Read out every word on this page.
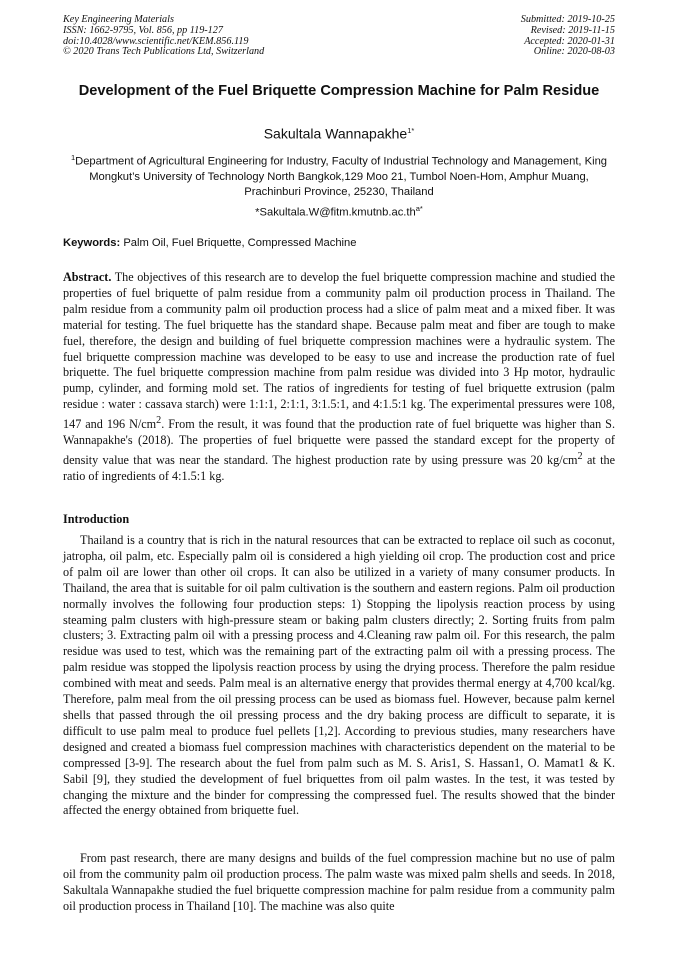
Key Engineering Materials
ISSN: 1662-9795, Vol. 856, pp 119-127
doi:10.4028/www.scientific.net/KEM.856.119
© 2020 Trans Tech Publications Ltd, Switzerland
Submitted: 2019-10-25
Revised: 2019-11-15
Accepted: 2020-01-31
Online: 2020-08-03
Development of the Fuel Briquette Compression Machine for Palm Residue
Sakultala Wannapakhe$^{1*}$
$^1$Department of Agricultural Engineering for Industry, Faculty of Industrial Technology and Management, King Mongkut’s University of Technology North Bangkok,129 Moo 21, Tumbol Noen-Hom, Amphur Muang, Prachinburi Province, 25230, Thailand
$*Sakultala.W@fitm.kmutnb.ac.th^{a*}$
Keywords: Palm Oil, Fuel Briquette, Compressed Machine
Abstract. The objectives of this research are to develop the fuel briquette compression machine and studied the properties of fuel briquette of palm residue from a community palm oil production process in Thailand. The palm residue from a community palm oil production process had a slice of palm meat and a mixed fiber. It was material for testing. The fuel briquette has the standard shape. Because palm meat and fiber are tough to make fuel, therefore, the design and building of fuel briquette compression machines were a hydraulic system. The fuel briquette compression machine was developed to be easy to use and increase the production rate of fuel briquette. The fuel briquette compression machine from palm residue was divided into 3 Hp motor, hydraulic pump, cylinder, and forming mold set. The ratios of ingredients for testing of fuel briquette extrusion (palm residue : water : cassava starch) were 1:1:1, 2:1:1, 3:1.5:1, and 4:1.5:1 kg. The experimental pressures were 108, 147 and 196 $N/cm^2$. From the result, it was found that the production rate of fuel briquette was higher than S. Wannapakhe's (2018). The properties of fuel briquette were passed the standard except for the property of density value that was near the standard. The highest production rate by using pressure was 20 $kg/cm^2$ at the ratio of ingredients of 4:1.5:1 kg.
Introduction
Thailand is a country that is rich in the natural resources that can be extracted to replace oil such as coconut, jatropha, oil palm, etc. Especially palm oil is considered a high yielding oil crop. The production cost and price of palm oil are lower than other oil crops. It can also be utilized in a variety of many consumer products. In Thailand, the area that is suitable for oil palm cultivation is the southern and eastern regions. Palm oil production normally involves the following four production steps: 1) Stopping the lipolysis reaction process by using steaming palm clusters with high-pressure steam or baking palm clusters directly; 2. Sorting fruits from palm clusters; 3. Extracting palm oil with a pressing process and 4.Cleaning raw palm oil. For this research, the palm residue was used to test, which was the remaining part of the extracting palm oil with a pressing process. The palm residue was stopped the lipolysis reaction process by using the drying process. Therefore the palm residue combined with meat and seeds. Palm meal is an alternative energy that provides thermal energy at 4,700 kcal/kg. Therefore, palm meal from the oil pressing process can be used as biomass fuel. However, because palm kernel shells that passed through the oil pressing process and the dry baking process are difficult to separate, it is difficult to use palm meal to produce fuel pellets [1,2]. According to previous studies, many researchers have designed and created a biomass fuel compression machines with characteristics dependent on the material to be compressed [3-9]. The research about the fuel from palm such as M. S. Aris1, S. Hassan1, O. Mamat1 & K. Sabil [9], they studied the development of fuel briquettes from oil palm wastes. In the test, it was tested by changing the mixture and the binder for compressing the compressed fuel. The results showed that the binder affected the energy obtained from briquette fuel.
From past research, there are many designs and builds of the fuel compression machine but no use of palm oil from the community palm oil production process. The palm waste was mixed palm shells and seeds. In 2018, Sakultala Wannapakhe studied the fuel briquette compression machine for palm residue from a community palm oil production process in Thailand [10]. The machine was also quite
